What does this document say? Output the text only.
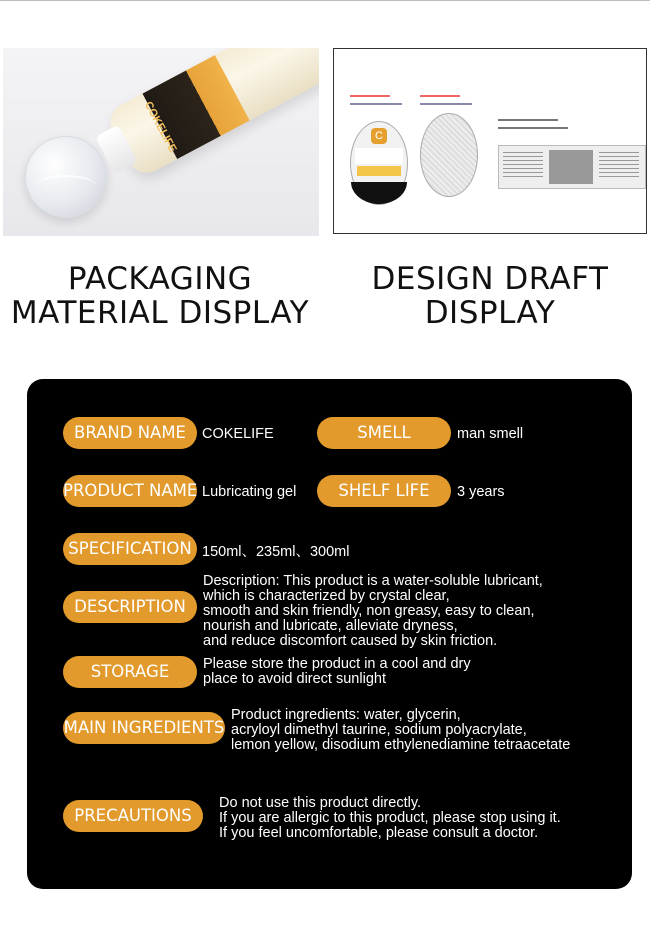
COKELIFE	C
PACKAGING
MATERIAL DISPLAY
DESIGN DRAFT
DISPLAY
BRAND NAME	COKELIFE	SMELL	man smell
PRODUCT NAME Lubricating gel	SHELF LIFE	3 years
SPECIFICATION 150ml、235ml、300ml
DESCRIPTION
Description: This product is a water-soluble lubricant,
which is characterized by crystal clear,
smooth and skin friendly, non greasy, easy to clean,
nourish and lubricate, alleviate dryness,
and reduce discomfort caused by skin friction.
STORAGE	Please store the product in a cool and dry
place to avoid direct sunlight
MAIN INGREDIENTS
Product ingredients: water, glycerin,
acryloyl dimethyl taurine, sodium polyacrylate,
lemon yellow, disodium ethylenediamine tetraacetate
PRECAUTIONS
Do not use this product directly.
If you are allergic to this product, please stop using it.
If you feel uncomfortable, please consult a doctor.
